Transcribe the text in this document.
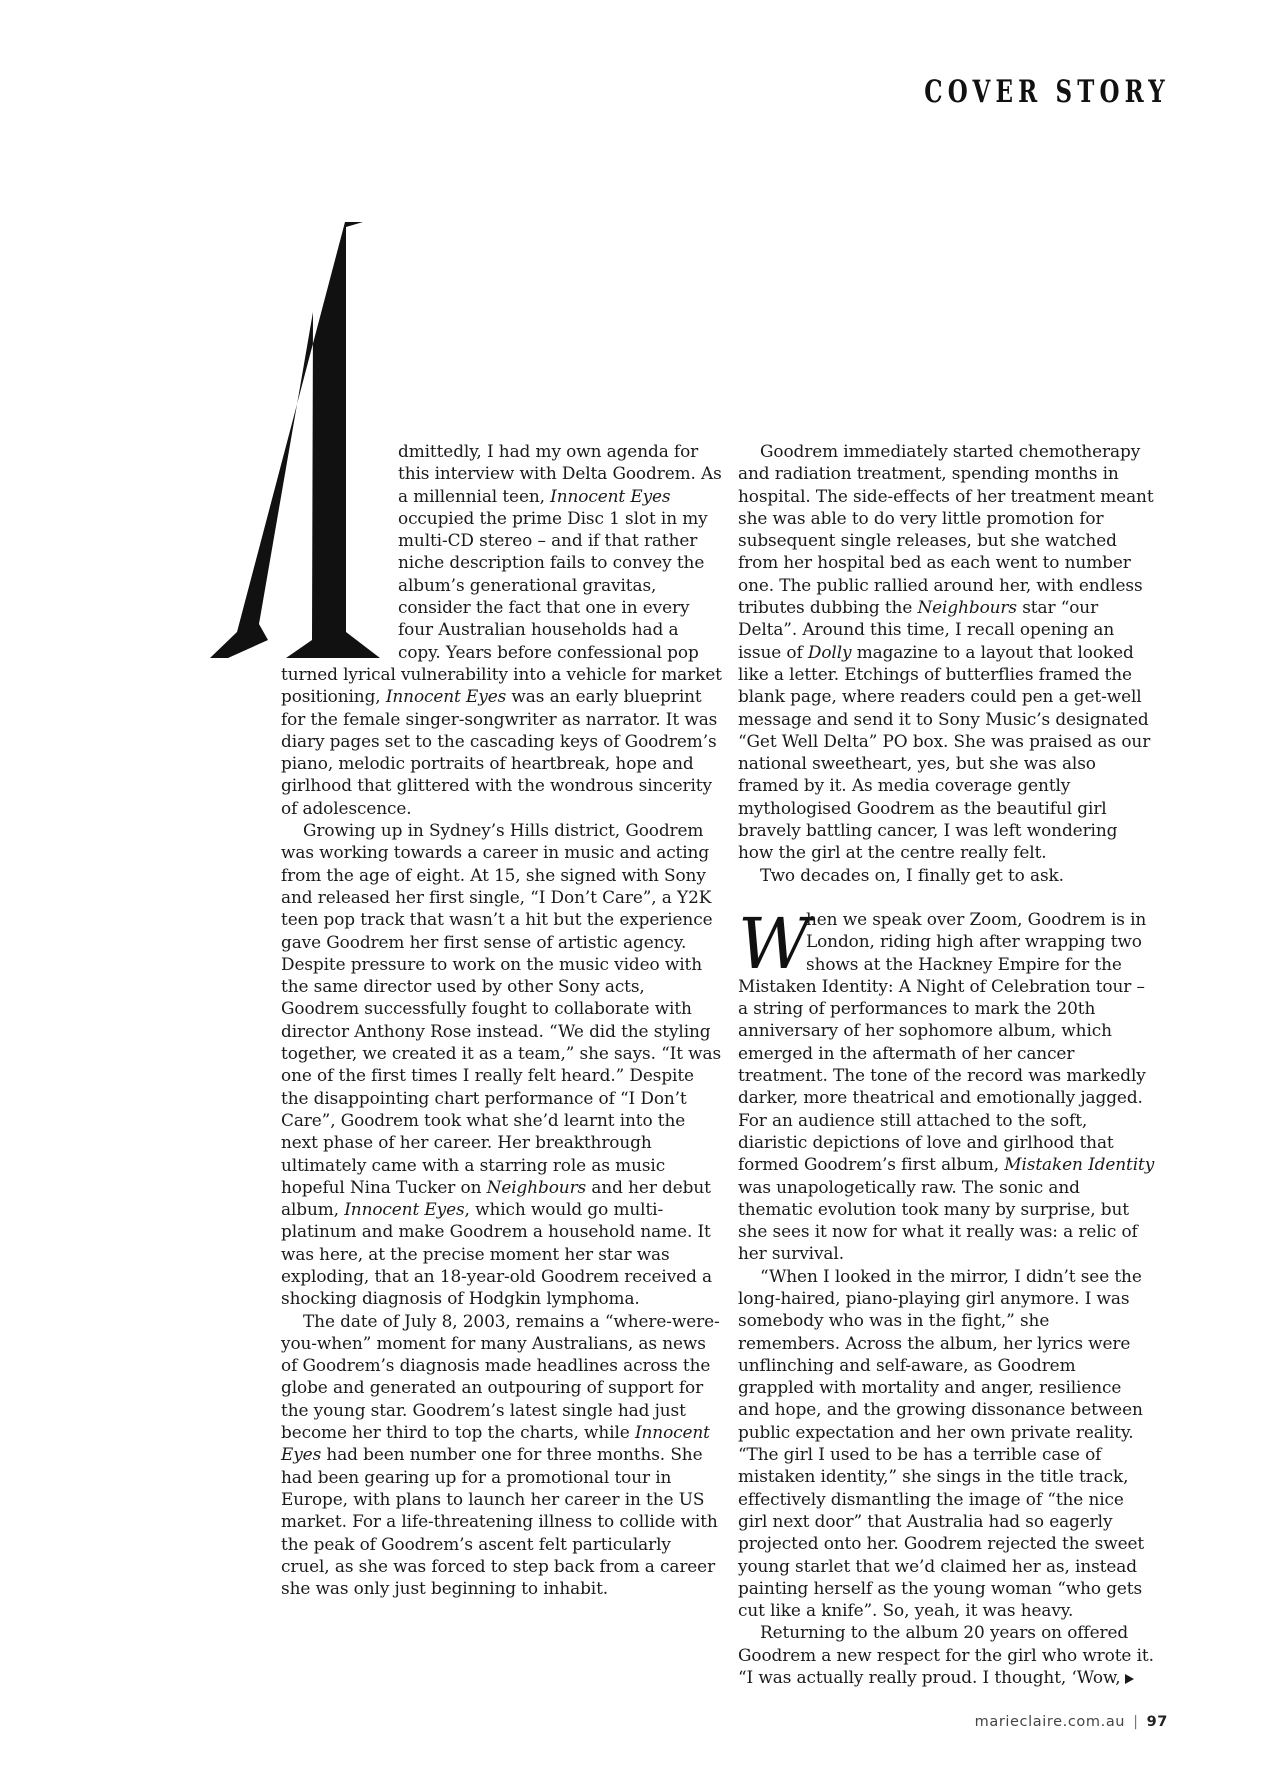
COVER STORY

dmittedly, I had my own agenda for this interview with Delta Goodrem. As a millennial teen, Innocent Eyes occupied the prime Disc 1 slot in my multi-CD stereo – and if that rather niche description fails to convey the album’s generational gravitas, consider the fact that one in every four Australian households had a copy. Years before confessional pop turned lyrical vulnerability into a vehicle for market positioning, Innocent Eyes was an early blueprint for the female singer-songwriter as narrator. It was diary pages set to the cascading keys of Goodrem’s piano, melodic portraits of heartbreak, hope and girlhood that glittered with the wondrous sincerity of adolescence.

Growing up in Sydney’s Hills district, Goodrem was working towards a career in music and acting from the age of eight. At 15, she signed with Sony and released her first single, “I Don’t Care”, a Y2K teen pop track that wasn’t a hit but the experience gave Goodrem her first sense of artistic agency. Despite pressure to work on the music video with the same director used by other Sony acts, Goodrem successfully fought to collaborate with director Anthony Rose instead. “We did the styling together, we created it as a team,” she says. “It was one of the first times I really felt heard.” Despite the disappointing chart performance of “I Don’t Care”, Goodrem took what she’d learnt into the next phase of her career. Her breakthrough ultimately came with a starring role as music hopeful Nina Tucker on Neighbours and her debut album, Innocent Eyes, which would go multi-platinum and make Goodrem a household name. It was here, at the precise moment her star was exploding, that an 18-year-old Goodrem received a shocking diagnosis of Hodgkin lymphoma.

The date of July 8, 2003, remains a “where-were-you-when” moment for many Australians, as news of Goodrem’s diagnosis made headlines across the globe and generated an outpouring of support for the young star. Goodrem’s latest single had just become her third to top the charts, while Innocent Eyes had been number one for three months. She had been gearing up for a promotional tour in Europe, with plans to launch her career in the US market. For a life-threatening illness to collide with the peak of Goodrem’s ascent felt particularly cruel, as she was forced to step back from a career she was only just beginning to inhabit.

Goodrem immediately started chemotherapy and radiation treatment, spending months in hospital. The side-effects of her treatment meant she was able to do very little promotion for subsequent single releases, but she watched from her hospital bed as each went to number one. The public rallied around her, with endless tributes dubbing the Neighbours star “our Delta”. Around this time, I recall opening an issue of Dolly magazine to a layout that looked like a letter. Etchings of butterflies framed the blank page, where readers could pen a get-well message and send it to Sony Music’s designated “Get Well Delta” PO box. She was praised as our national sweetheart, yes, but she was also framed by it. As media coverage gently mythologised Goodrem as the beautiful girl bravely battling cancer, I was left wondering how the girl at the centre really felt.

Two decades on, I finally get to ask.

W
hen we speak over Zoom, Goodrem is in London, riding high after wrapping two shows at the Hackney Empire for the Mistaken Identity: A Night of Celebration tour – a string of performances to mark the 20th anniversary of her sophomore album, which emerged in the aftermath of her cancer treatment. The tone of the record was markedly darker, more theatrical and emotionally jagged. For an audience still attached to the soft, diaristic depictions of love and girlhood that formed Goodrem’s first album, Mistaken Identity was unapologetically raw. The sonic and thematic evolution took many by surprise, but she sees it now for what it really was: a relic of her survival.

“When I looked in the mirror, I didn’t see the long-haired, piano-playing girl anymore. I was somebody who was in the fight,” she remembers. Across the album, her lyrics were unflinching and self-aware, as Goodrem grappled with mortality and anger, resilience and hope, and the growing dissonance between public expectation and her own private reality. “The girl I used to be has a terrible case of mistaken identity,” she sings in the title track, effectively dismantling the image of “the nice girl next door” that Australia had so eagerly projected onto her. Goodrem rejected the sweet young starlet that we’d claimed her as, instead painting herself as the young woman “who gets cut like a knife”. So, yeah, it was heavy.

Returning to the album 20 years on offered Goodrem a new respect for the girl who wrote it. “I was actually really proud. I thought, ‘Wow,

marieclaire.com.au | 97
